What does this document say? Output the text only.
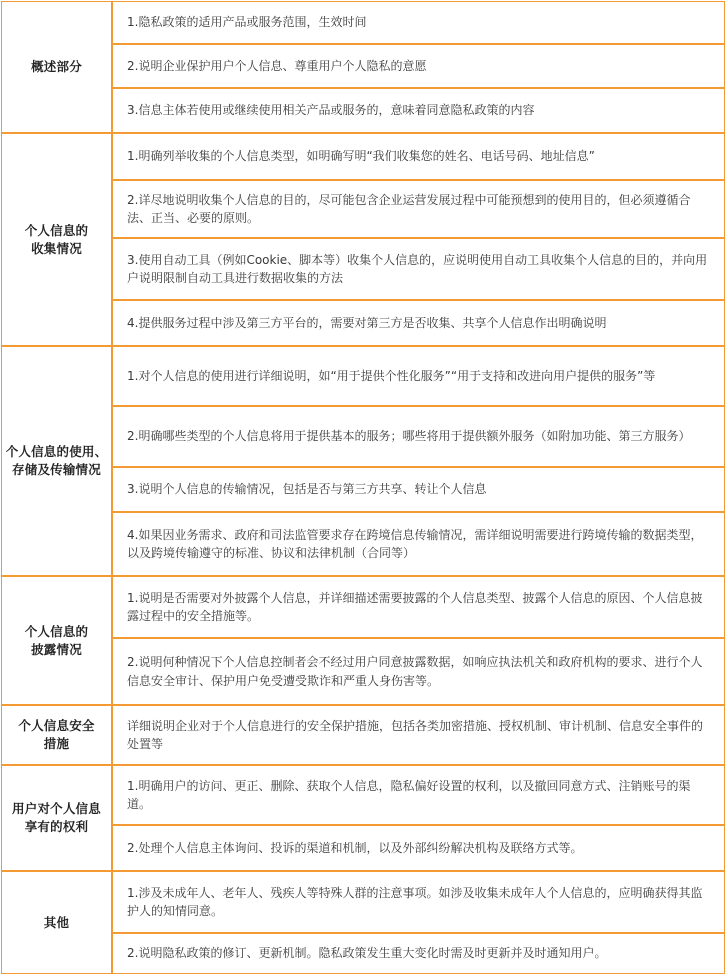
概述部分	1.隐私政策的适用产品或服务范围，生效时间
	2.说明企业保护用户个人信息、尊重用户个人隐私的意愿
	3.信息主体若使用或继续使用相关产品或服务的，意味着同意隐私政策的内容
个人信息的收集情况	1.明确列举收集的个人信息类型，如明确写明“我们收集您的姓名、电话号码、地址信息”
	2.详尽地说明收集个人信息的目的，尽可能包含企业运营发展过程中可能预想到的使用目的，但必须遵循合法、正当、必要的原则。
	3.使用自动工具（例如Cookie、脚本等）收集个人信息的，应说明使用自动工具收集个人信息的目的，并向用户说明限制自动工具进行数据收集的方法
	4.提供服务过程中涉及第三方平台的，需要对第三方是否收集、共享个人信息作出明确说明
个人信息的使用、存储及传输情况	1.对个人信息的使用进行详细说明，如“用于提供个性化服务”“用于支持和改进向用户提供的服务”等
	2.明确哪些类型的个人信息将用于提供基本的服务；哪些将用于提供额外服务（如附加功能、第三方服务）
	3.说明个人信息的传输情况，包括是否与第三方共享、转让个人信息
	4.如果因业务需求、政府和司法监管要求存在跨境信息传输情况，需详细说明需要进行跨境传输的数据类型，以及跨境传输遵守的标准、协议和法律机制（合同等）
个人信息的披露情况	1.说明是否需要对外披露个人信息，并详细描述需要披露的个人信息类型、披露个人信息的原因、个人信息披露过程中的安全措施等。
	2.说明何种情况下个人信息控制者会不经过用户同意披露数据，如响应执法机关和政府机构的要求、进行个人信息安全审计、保护用户免受遭受欺诈和严重人身伤害等。
个人信息安全措施	详细说明企业对于个人信息进行的安全保护措施，包括各类加密措施、授权机制、审计机制、信息安全事件的处置等
用户对个人信息享有的权利	1.明确用户的访问、更正、删除、获取个人信息，隐私偏好设置的权利，以及撤回同意方式、注销账号的渠道。
	2.处理个人信息主体询问、投诉的渠道和机制，以及外部纠纷解决机构及联络方式等。
其他	1.涉及未成年人、老年人、残疾人等特殊人群的注意事项。如涉及收集未成年人个人信息的，应明确获得其监护人的知情同意。
	2.说明隐私政策的修订、更新机制。隐私政策发生重大变化时需及时更新并及时通知用户。
